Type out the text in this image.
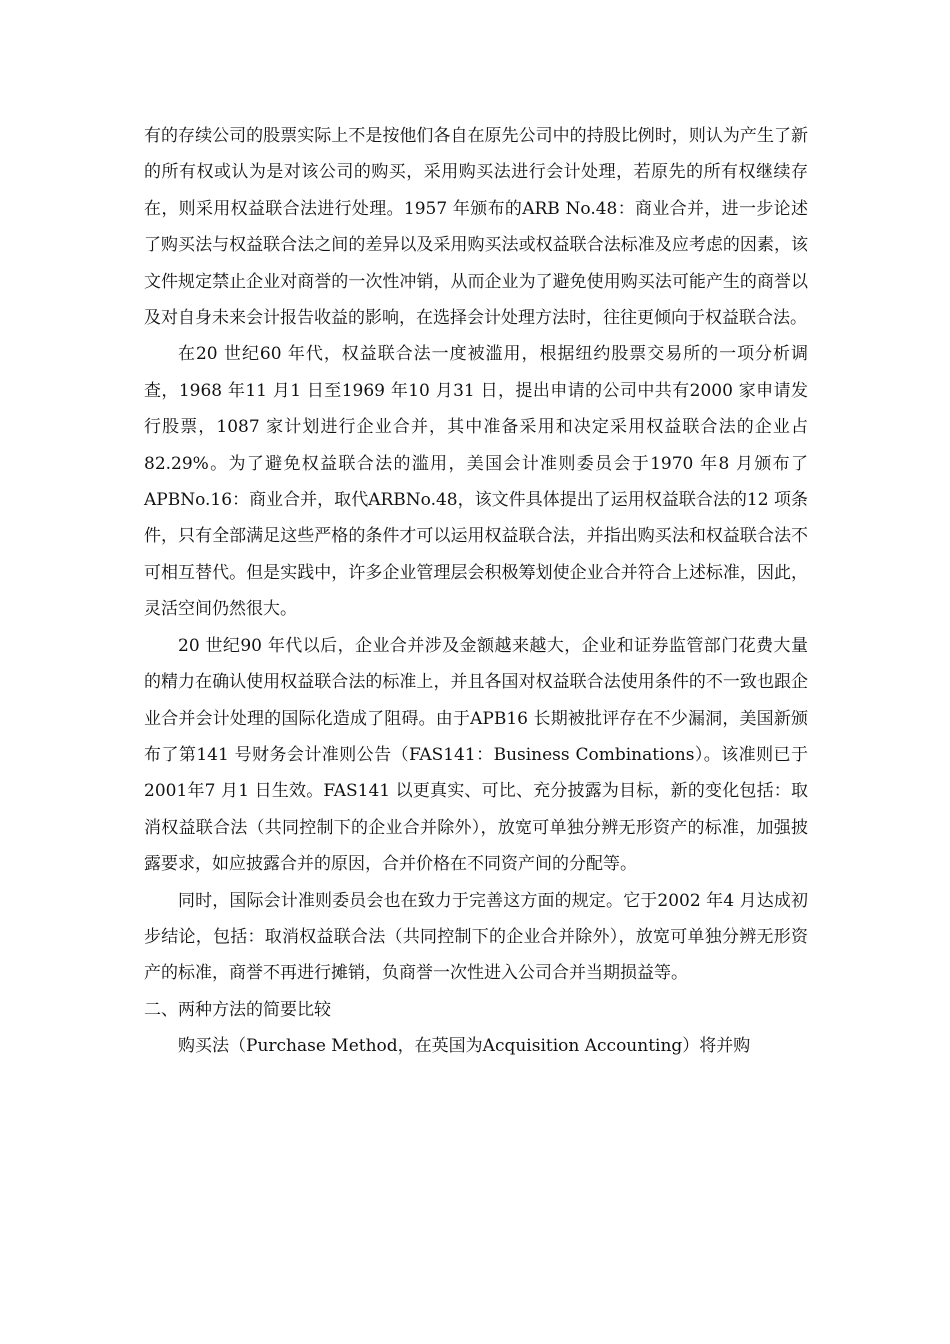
有的存续公司的股票实际上不是按他们各自在原先公司中的持股比例时，则认为产生了新的所有权或认为是对该公司的购买，采用购买法进行会计处理，若原先的所有权继续存在，则采用权益联合法进行处理。1957 年颁布的ARB No.48：商业合并，进一步论述了购买法与权益联合法之间的差异以及采用购买法或权益联合法标准及应考虑的因素，该文件规定禁止企业对商誉的一次性冲销，从而企业为了避免使用购买法可能产生的商誉以及对自身未来会计报告收益的影响，在选择会计处理方法时，往往更倾向于权益联合法。

在20 世纪60 年代，权益联合法一度被滥用，根据纽约股票交易所的一项分析调查，1968 年11 月1 日至1969 年10 月31 日，提出申请的公司中共有2000 家申请发行股票，1087 家计划进行企业合并，其中准备采用和决定采用权益联合法的企业占82.29%。为了避免权益联合法的滥用，美国会计准则委员会于1970 年8 月颁布了APBNo.16：商业合并，取代ARBNo.48，该文件具体提出了运用权益联合法的12 项条件，只有全部满足这些严格的条件才可以运用权益联合法，并指出购买法和权益联合法不可相互替代。但是实践中，许多企业管理层会积极筹划使企业合并符合上述标准，因此，灵活空间仍然很大。

20 世纪90 年代以后，企业合并涉及金额越来越大，企业和证券监管部门花费大量的精力在确认使用权益联合法的标准上，并且各国对权益联合法使用条件的不一致也跟企业合并会计处理的国际化造成了阻碍。由于APB16 长期被批评存在不少漏洞，美国新颁布了第141 号财务会计准则公告（FAS141：Business Combinations）。该准则已于2001年7 月1 日生效。FAS141 以更真实、可比、充分披露为目标，新的变化包括：取消权益联合法（共同控制下的企业合并除外），放宽可单独分辨无形资产的标准，加强披露要求，如应披露合并的原因，合并价格在不同资产间的分配等。

同时，国际会计准则委员会也在致力于完善这方面的规定。它于2002 年4 月达成初步结论，包括：取消权益联合法（共同控制下的企业合并除外），放宽可单独分辨无形资产的标准，商誉不再进行摊销，负商誉一次性进入公司合并当期损益等。

二、两种方法的简要比较

购买法（Purchase Method，在英国为Acquisition Accounting）将并购
